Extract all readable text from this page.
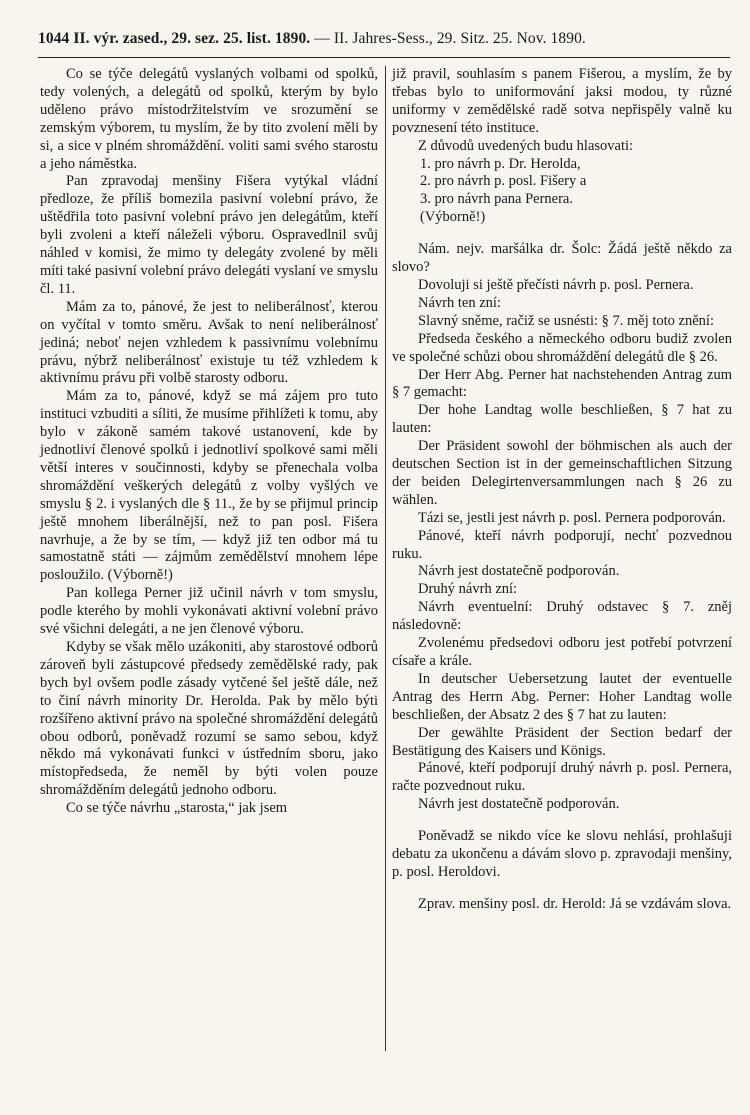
1044 II. výr. zased., 29. sez. 25. list. 1890. — II. Jahres-Sess., 29. Sitz. 25. Nov. 1890.

Co se týče delegátů vyslaných volbami od spolků, tedy volených, a delegátů od spolků, kterým by bylo uděleno právo místodržitelstvím ve srozumění se zemským výborem, tu myslím, že by tito zvolení měli by si, a sice v plném shromáždění. voliti sami svého starostu a jeho náměstka.

Pan zpravodaj menšiny Fišera vytýkal vládní předloze, že příliš bomezila pasivní volební právo, že uštědřila toto pasivní volební právo jen delegátům, kteří byli zvoleni a kteří náleželi výboru. Ospravedlnil svůj náhled v komisi, že mimo ty delegáty zvolené by měli míti také pasivní volební právo delegáti vyslaní ve smyslu čl. 11.

Mám za to, pánové, že jest to neliberálnosť, kterou on vyčítal v tomto směru. Avšak to není neliberálnosť jediná; neboť nejen vzhledem k passivnímu volebnímu právu, nýbrž neliberálnosť existuje tu též vzhledem k aktivnímu právu při volbě starosty odboru.

Mám za to, pánové, když se má zájem pro tuto instituci vzbuditi a síliti, že musíme přihlížeti k tomu, aby bylo v zákoně samém takové ustanovení, kde by jednotliví členové spolků i jednotliví spolkové sami měli větší interes v součinnosti, kdyby se přenechala volba shromáždění veškerých delegátů z volby vyšlých ve smyslu § 2. i vyslaných dle § 11., že by se přijmul princip ještě mnohem liberálnější, než to pan posl. Fišera navrhuje, a že by se tím, — když již ten odbor má tu samostatně státi — zájmům zemědělství mnohem lépe posloužilo. (Výborně!)

Pan kollega Perner již učinil návrh v tom smyslu, podle kterého by mohli vykonávati aktivní volební právo své všichni delegáti, a ne jen členové výboru.

Kdyby se však mělo uzákoniti, aby starostové odborů zároveň byli zástupcové předsedy zemědělské rady, pak bych byl ovšem podle zásady vytčené šel ještě dále, než to činí návrh minority Dr. Herolda. Pak by mělo býti rozšířeno aktivní právo na společné shromáždění delegátů obou odborů, poněvadž rozumí se samo sebou, když někdo má vykonávati funkci v ústředním sboru, jako místopředseda, že neměl by býti volen pouze shromážděním delegátů jednoho odboru.

Co se týče návrhu „starosta,“ jak jsem

již pravil, souhlasím s panem Fišerou, a myslím, že by třebas bylo to uniformování jaksi modou, ty různé uniformy v zemědělské radě sotva nepřispěly valně ku povznesení této instituce.

Z důvodů uvedených budu hlasovati:

1. pro návrh p. Dr. Herolda,

2. pro návrh p. posl. Fišery a

3. pro návrh pana Pernera.

(Výborně!)

Nám. nejv. maršálka dr. Šolc: Žádá ještě někdo za slovo?

Dovoluji si ještě přečísti návrh p. posl. Pernera.

Návrh ten zní:

Slavný sněme, račiž se usnésti: § 7. měj toto znění:

Předseda českého a německého odboru budiž zvolen ve společné schůzi obou shromáždění delegátů dle § 26.

Der Herr Abg. Perner hat nachstehenden Antrag zum § 7 gemacht:

Der hohe Landtag wolle beschließen, § 7 hat zu lauten:

Der Präsident sowohl der böhmischen als auch der deutschen Section ist in der gemeinschaftlichen Sitzung der beiden Delegirtenversammlungen nach § 26 zu wählen.

Tázi se, jestli jest návrh p. posl. Pernera podporován.

Pánové, kteří návrh podporují, nechť pozvednou ruku.

Návrh jest dostatečně podporován.

Druhý návrh zní:

Návrh eventuelní: Druhý odstavec § 7. zněj následovně:

Zvolenému předsedovi odboru jest potřebí potvrzení císaře a krále.

In deutscher Uebersetzung lautet der eventuelle Antrag des Herrn Abg. Perner: Hoher Landtag wolle beschließen, der Absatz 2 des § 7 hat zu lauten:

Der gewählte Präsident der Section bedarf der Bestätigung des Kaisers und Königs.

Pánové, kteří podporují druhý návrh p. posl. Pernera, račte pozvednout ruku.

Návrh jest dostatečně podporován.

Poněvadž se nikdo více ke slovu nehlásí, prohlašuji debatu za ukončenu a dávám slovo p. zpravodaji menšiny, p. posl. Heroldovi.

Zprav. menšiny posl. dr. Herold: Já se vzdávám slova.
